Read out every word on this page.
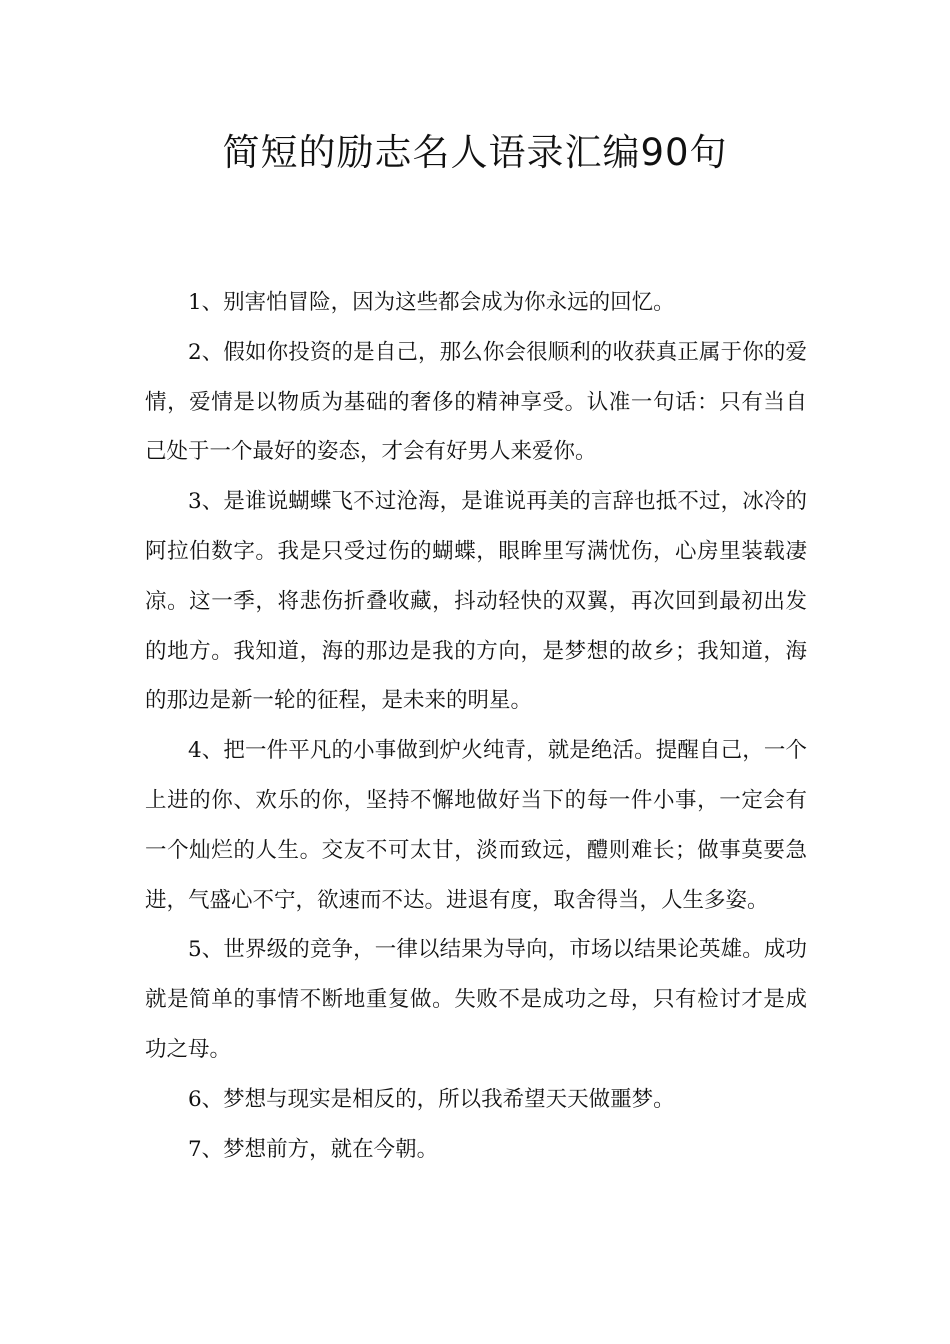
简短的励志名人语录汇编90句

1、别害怕冒险，因为这些都会成为你永远的回忆。

2、假如你投资的是自己，那么你会很顺利的收获真正属于你的爱情，爱情是以物质为基础的奢侈的精神享受。认准一句话：只有当自己处于一个最好的姿态，才会有好男人来爱你。

3、是谁说蝴蝶飞不过沧海，是谁说再美的言辞也抵不过，冰冷的阿拉伯数字。我是只受过伤的蝴蝶，眼眸里写满忧伤，心房里装载凄凉。这一季，将悲伤折叠收藏，抖动轻快的双翼，再次回到最初出发的地方。我知道，海的那边是我的方向，是梦想的故乡；我知道，海的那边是新一轮的征程，是未来的明星。

4、把一件平凡的小事做到炉火纯青，就是绝活。提醒自己，一个上进的你、欢乐的你，坚持不懈地做好当下的每一件小事，一定会有一个灿烂的人生。交友不可太甘，淡而致远，醴则难长；做事莫要急进，气盛心不宁，欲速而不达。进退有度，取舍得当，人生多姿。

5、世界级的竞争，一律以结果为导向，市场以结果论英雄。成功就是简单的事情不断地重复做。失败不是成功之母，只有检讨才是成功之母。

6、梦想与现实是相反的，所以我希望天天做噩梦。

7、梦想前方，就在今朝。
